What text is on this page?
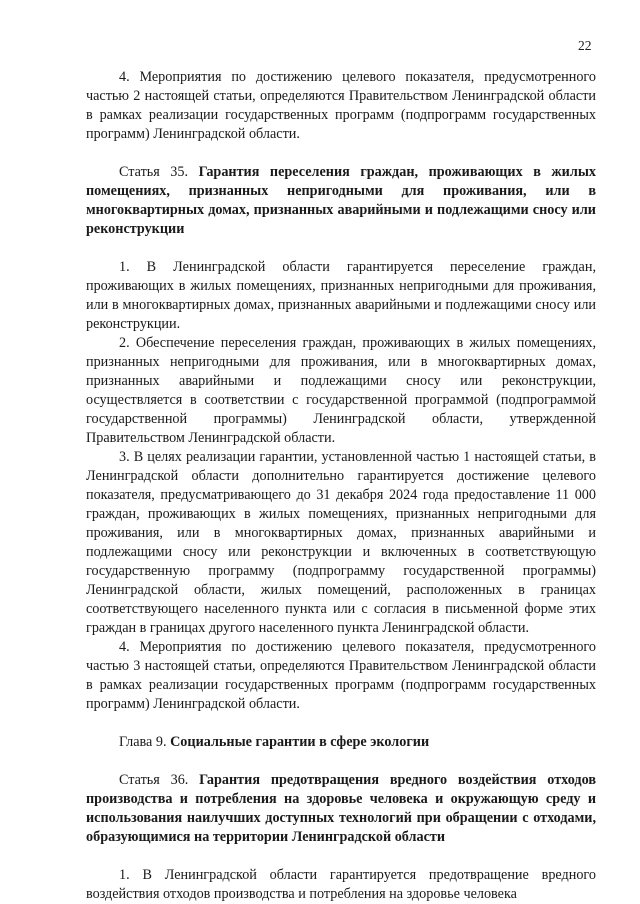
22

4. Мероприятия по достижению целевого показателя, предусмотренного частью 2 настоящей статьи, определяются Правительством Ленинградской области в рамках реализации государственных программ (подпрограмм государственных программ) Ленинградской области.

Статья 35. Гарантия переселения граждан, проживающих в жилых помещениях, признанных непригодными для проживания, или в многоквартирных домах, признанных аварийными и подлежащими сносу или реконструкции

1. В Ленинградской области гарантируется переселение граждан, проживающих в жилых помещениях, признанных непригодными для проживания, или в многоквартирных домах, признанных аварийными и подлежащими сносу или реконструкции.

2. Обеспечение переселения граждан, проживающих в жилых помещениях, признанных непригодными для проживания, или в многоквартирных домах, признанных аварийными и подлежащими сносу или реконструкции, осуществляется в соответствии с государственной программой (подпрограммой государственной программы) Ленинградской области, утвержденной Правительством Ленинградской области.

3. В целях реализации гарантии, установленной частью 1 настоящей статьи, в Ленинградской области дополнительно гарантируется достижение целевого показателя, предусматривающего до 31 декабря 2024 года предоставление 11 000 граждан, проживающих в жилых помещениях, признанных непригодными для проживания, или в многоквартирных домах, признанных аварийными и подлежащими сносу или реконструкции и включенных в соответствующую государственную программу (подпрограмму государственной программы) Ленинградской области, жилых помещений, расположенных в границах соответствующего населенного пункта или с согласия в письменной форме этих граждан в границах другого населенного пункта Ленинградской области.

4. Мероприятия по достижению целевого показателя, предусмотренного частью 3 настоящей статьи, определяются Правительством Ленинградской области в рамках реализации государственных программ (подпрограмм государственных программ) Ленинградской области.

Глава 9. Социальные гарантии в сфере экологии

Статья 36. Гарантия предотвращения вредного воздействия отходов производства и потребления на здоровье человека и окружающую среду и использования наилучших доступных технологий при обращении с отходами, образующимися на территории Ленинградской области

1. В Ленинградской области гарантируется предотвращение вредного воздействия отходов производства и потребления на здоровье человека
